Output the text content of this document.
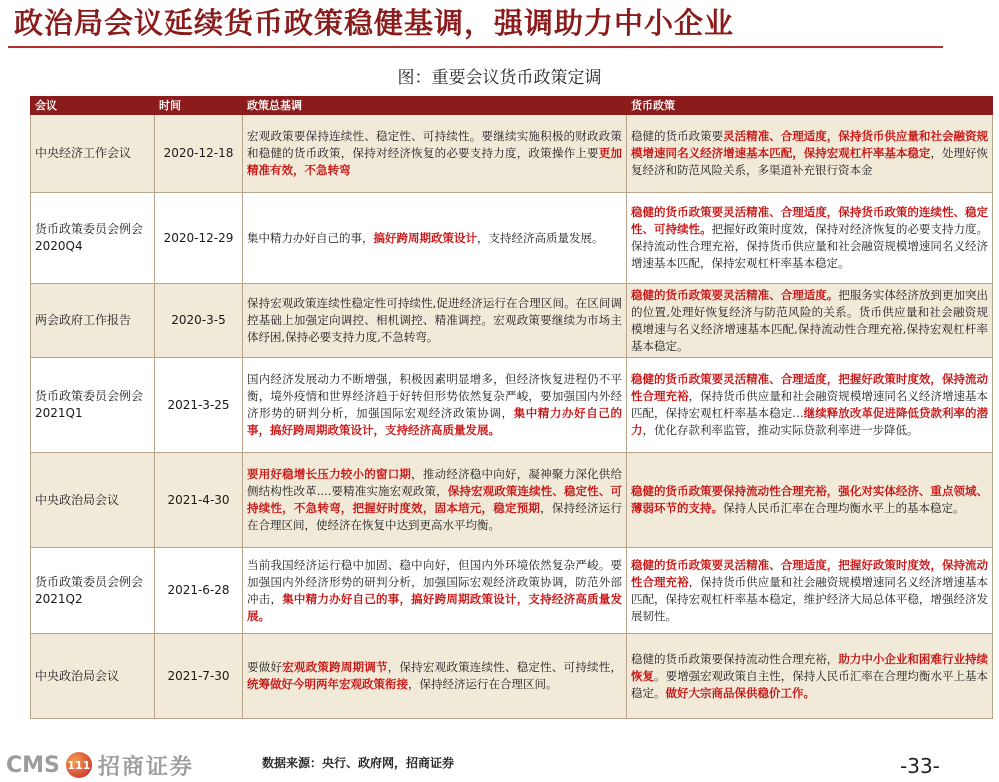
政治局会议延续货币政策稳健基调，强调助力中小企业
图：重要会议货币政策定调
会议	时间	政策总基调	货币政策
中央经济工作会议	2020-12-18	宏观政策要保持连续性、稳定性、可持续性。要继续实施积极的财政政策和稳健的货币政策，保持对经济恢复的必要支持力度，政策操作上要更加精准有效，不急转弯	稳健的货币政策要灵活精准、合理适度，保持货币供应量和社会融资规模增速同名义经济增速基本匹配，保持宏观杠杆率基本稳定，处理好恢复经济和防范风险关系，多渠道补充银行资本金
货币政策委员会例会2020Q4	2020-12-29	集中精力办好自己的事，搞好跨周期政策设计，支持经济高质量发展。	稳健的货币政策要灵活精准、合理适度，保持货币政策的连续性、稳定性、可持续性。把握好政策时度效，保持对经济恢复的必要支持力度。保持流动性合理充裕，保持货币供应量和社会融资规模增速同名义经济增速基本匹配，保持宏观杠杆率基本稳定。
两会政府工作报告	2020-3-5	保持宏观政策连续性稳定性可持续性,促进经济运行在合理区间。在区间调控基础上加强定向调控、相机调控、精准调控。宏观政策要继续为市场主体纾困,保持必要支持力度,不急转弯。	稳健的货币政策要灵活精准、合理适度。把服务实体经济放到更加突出的位置,处理好恢复经济与防范风险的关系。货币供应量和社会融资规模增速与名义经济增速基本匹配,保持流动性合理充裕,保持宏观杠杆率基本稳定。
货币政策委员会例会2021Q1	2021-3-25	国内经济发展动力不断增强，积极因素明显增多，但经济恢复进程仍不平衡，境外疫情和世界经济趋于好转但形势依然复杂严峻，要加强国内外经济形势的研判分析，加强国际宏观经济政策协调，集中精力办好自己的事，搞好跨周期政策设计，支持经济高质量发展。	稳健的货币政策要灵活精准、合理适度，把握好政策时度效，保持流动性合理充裕，保持货币供应量和社会融资规模增速同名义经济增速基本匹配，保持宏观杠杆率基本稳定…继续释放改革促进降低贷款利率的潜力，优化存款利率监管，推动实际贷款利率进一步降低。
中央政治局会议	2021-4-30	要用好稳增长压力较小的窗口期，推动经济稳中向好，凝神聚力深化供给侧结构性改革....要精准实施宏观政策，保持宏观政策连续性、稳定性、可持续性，不急转弯，把握好时度效，固本培元，稳定预期，保持经济运行在合理区间，使经济在恢复中达到更高水平均衡。	稳健的货币政策要保持流动性合理充裕，强化对实体经济、重点领域、薄弱环节的支持。保持人民币汇率在合理均衡水平上的基本稳定。
货币政策委员会例会2021Q2	2021-6-28	当前我国经济运行稳中加固、稳中向好，但国内外环境依然复杂严峻。要加强国内外经济形势的研判分析，加强国际宏观经济政策协调，防范外部冲击，集中精力办好自己的事，搞好跨周期政策设计，支持经济高质量发展。	稳健的货币政策要灵活精准、合理适度，把握好政策时度效，保持流动性合理充裕，保持货币供应量和社会融资规模增速同名义经济增速基本匹配，保持宏观杠杆率基本稳定，维护经济大局总体平稳，增强经济发展韧性。
中央政治局会议	2021-7-30	要做好宏观政策跨周期调节，保持宏观政策连续性、稳定性、可持续性，统筹做好今明两年宏观政策衔接，保持经济运行在合理区间。	稳健的货币政策要保持流动性合理充裕，助力中小企业和困难行业持续恢复。要增强宏观政策自主性，保持人民币汇率在合理均衡水平上基本稳定。做好大宗商品保供稳价工作。
CMS 111 招商证券	数据来源：央行、政府网，招商证券	-33-
